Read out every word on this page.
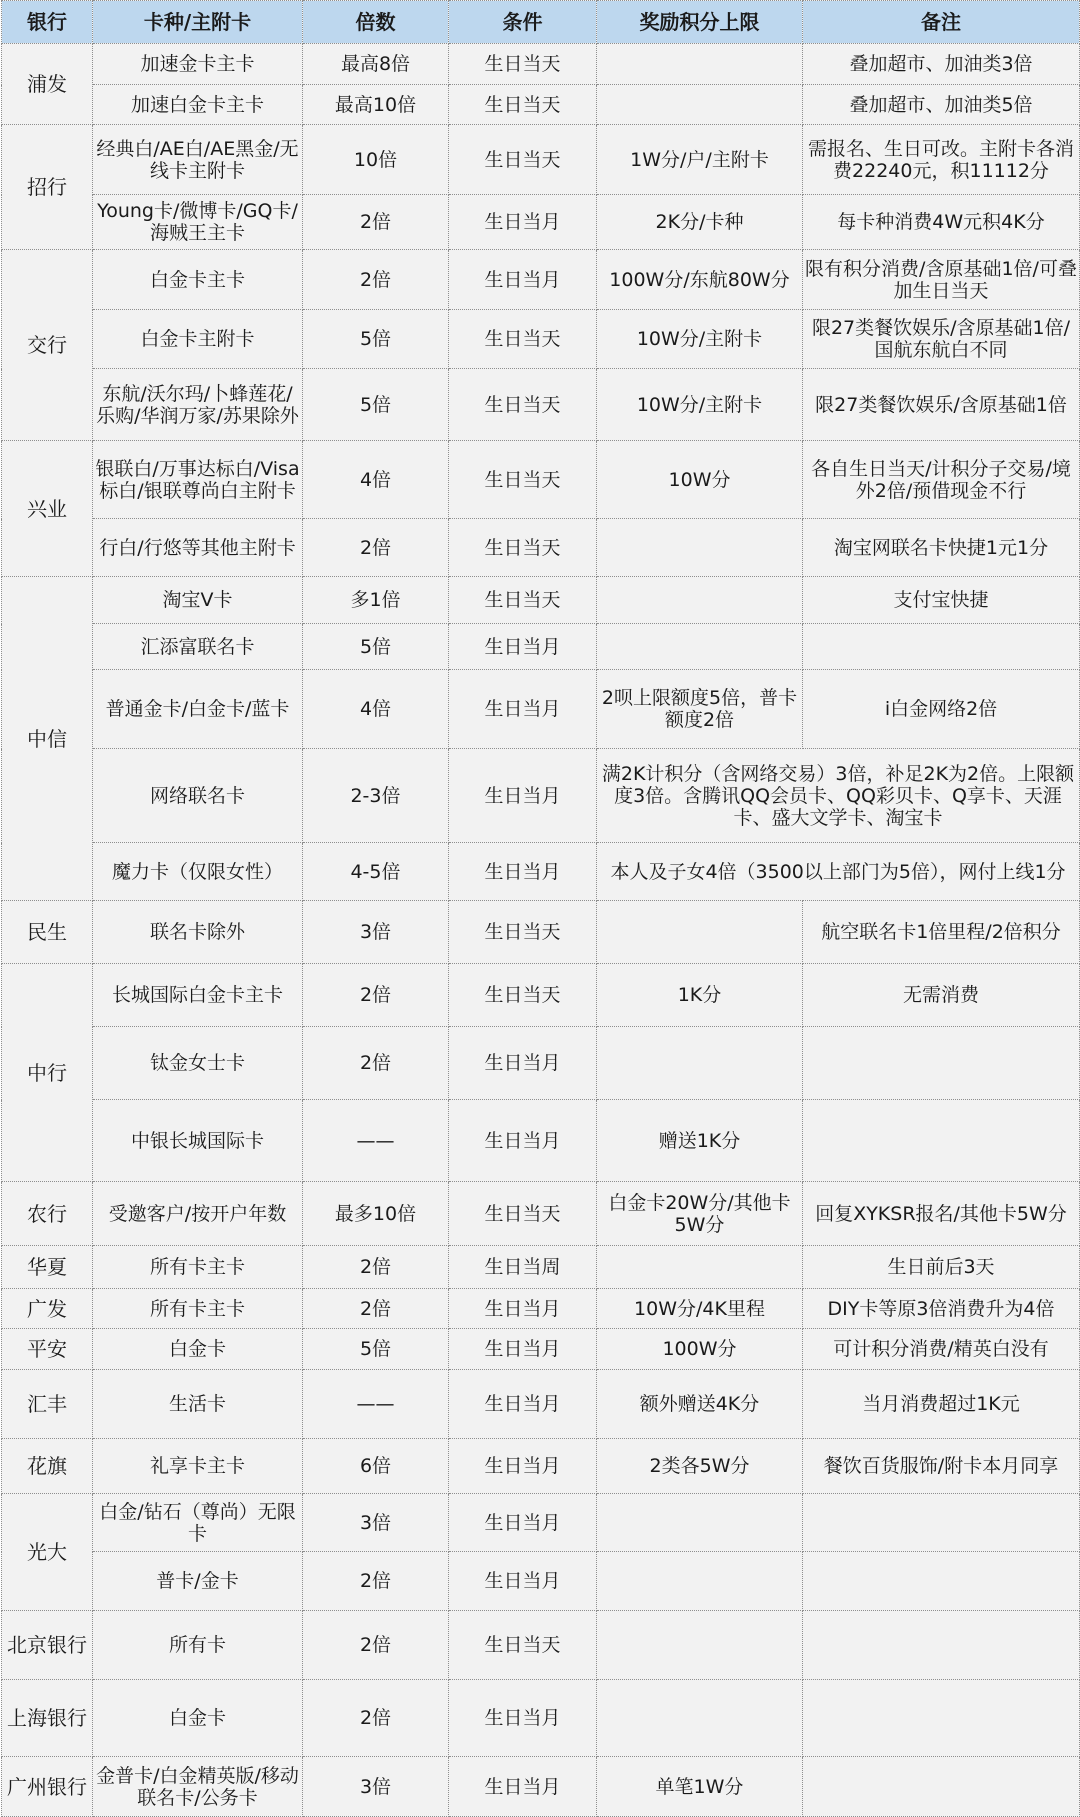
银行	卡种/主附卡	倍数	条件	奖励积分上限	备注
浦发	加速金卡主卡	最高8倍	生日当天		叠加超市、加油类3倍
	加速白金卡主卡	最高10倍	生日当天		叠加超市、加油类5倍
招行	经典白/AE白/AE黑金/无线卡主附卡	10倍	生日当天	1W分/户/主附卡	需报名、生日可改。主附卡各消费22240元，积11112分
	Young卡/微博卡/GQ卡/海贼王主卡	2倍	生日当月	2K分/卡种	每卡种消费4W元积4K分
交行	白金卡主卡	2倍	生日当月	100W分/东航80W分	限有积分消费/含原基础1倍/可叠加生日当天
	白金卡主附卡	5倍	生日当天	10W分/主附卡	限27类餐饮娱乐/含原基础1倍/国航东航白不同
	东航/沃尔玛/卜蜂莲花/乐购/华润万家/苏果除外	5倍	生日当天	10W分/主附卡	限27类餐饮娱乐/含原基础1倍
兴业	银联白/万事达标白/Visa标白/银联尊尚白主附卡	4倍	生日当天	10W分	各自生日当天/计积分子交易/境外2倍/预借现金不行
	行白/行悠等其他主附卡	2倍	生日当天		淘宝网联名卡快捷1元1分
中信	淘宝V卡	多1倍	生日当天		支付宝快捷
	汇添富联名卡	5倍	生日当月		
	普通金卡/白金卡/蓝卡	4倍	生日当月	2呗上限额度5倍，普卡额度2倍	i白金网络2倍
	网络联名卡	2-3倍	生日当月	满2K计积分（含网络交易）3倍，补足2K为2倍。上限额度3倍。含腾讯QQ会员卡、QQ彩贝卡、Q享卡、天涯卡、盛大文学卡、淘宝卡	
	魔力卡（仅限女性）	4-5倍	生日当月	本人及子女4倍（3500以上部门为5倍），网付上线1分	
民生	联名卡除外	3倍	生日当天		航空联名卡1倍里程/2倍积分
中行	长城国际白金卡主卡	2倍	生日当天	1K分	无需消费
	钛金女士卡	2倍	生日当月		
	中银长城国际卡	——	生日当月	赠送1K分	
农行	受邀客户/按开户年数	最多10倍	生日当天	白金卡20W分/其他卡5W分	回复XYKSR报名/其他卡5W分
华夏	所有卡主卡	2倍	生日当周		生日前后3天
广发	所有卡主卡	2倍	生日当月	10W分/4K里程	DIY卡等原3倍消费升为4倍
平安	白金卡	5倍	生日当月	100W分	可计积分消费/精英白没有
汇丰	生活卡	——	生日当月	额外赠送4K分	当月消费超过1K元
花旗	礼享卡主卡	6倍	生日当月	2类各5W分	餐饮百货服饰/附卡本月同享
光大	白金/钻石（尊尚）无限卡	3倍	生日当月		
	普卡/金卡	2倍	生日当月		
北京银行	所有卡	2倍	生日当天		
上海银行	白金卡	2倍	生日当月		
广州银行	金普卡/白金精英版/移动联名卡/公务卡	3倍	生日当月	单笔1W分	
